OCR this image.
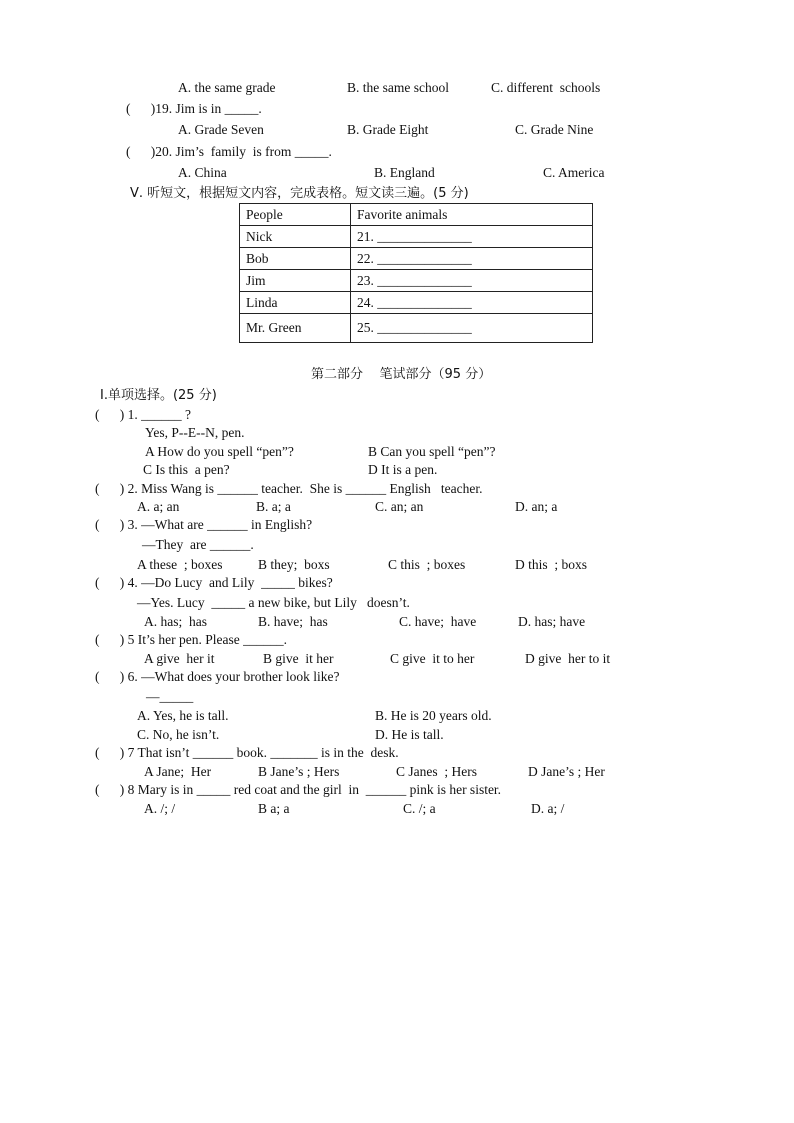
A. the same grade	B. the same school	C. different  schools
(      )19. Jim is in _____.
A. Grade Seven	B. Grade Eight	C. Grade Nine
(      )20. Jim’s  family  is from _____.
A. China	B. England	C. America
Ⅴ. 听短文，根据短文内容，完成表格。短文读三遍。(5 分)
People	Favorite animals
Nick	21. ______________
Bob	22. ______________
Jim	23. ______________
Linda	24. ______________
Mr. Green	25. ______________
第二部分    笔试部分（95 分）
Ⅰ.单项选择。(25 分)
(      ) 1. ______ ?
Yes, P--E--N, pen.
A How do you spell “pen”?	B Can you spell “pen”?
C Is this  a pen?	D It is a pen.
(      ) 2. Miss Wang is ______ teacher.  She is ______ English   teacher.
A. a; an	B. a; a	C. an; an	D. an; a
(      ) 3. —What are ______ in English?
—They  are ______.
A these  ; boxes	B they;  boxs	C this  ; boxes	D this  ; boxs
(      ) 4. —Do Lucy  and Lily  _____ bikes?
—Yes. Lucy  _____ a new bike, but Lily   doesn’t.
A. has;  has	B. have;  has	C. have;  have	D. has; have
(      ) 5 It’s her pen. Please ______.
A give  her it	B give  it her	C give  it to her	D give  her to it
(      ) 6. —What does your brother look like?
—_____
A. Yes, he is tall.	B. He is 20 years old.
C. No, he isn’t.	D. He is tall.
(      ) 7 That isn’t ______ book. _______ is in the  desk.
A Jane;  Her	B Jane’s ; Hers	C Janes  ; Hers	D Jane’s ; Her
(      ) 8 Mary is in _____ red coat and the girl  in  ______ pink is her sister.
A. /; /	B a; a	C. /; a	D. a; /
